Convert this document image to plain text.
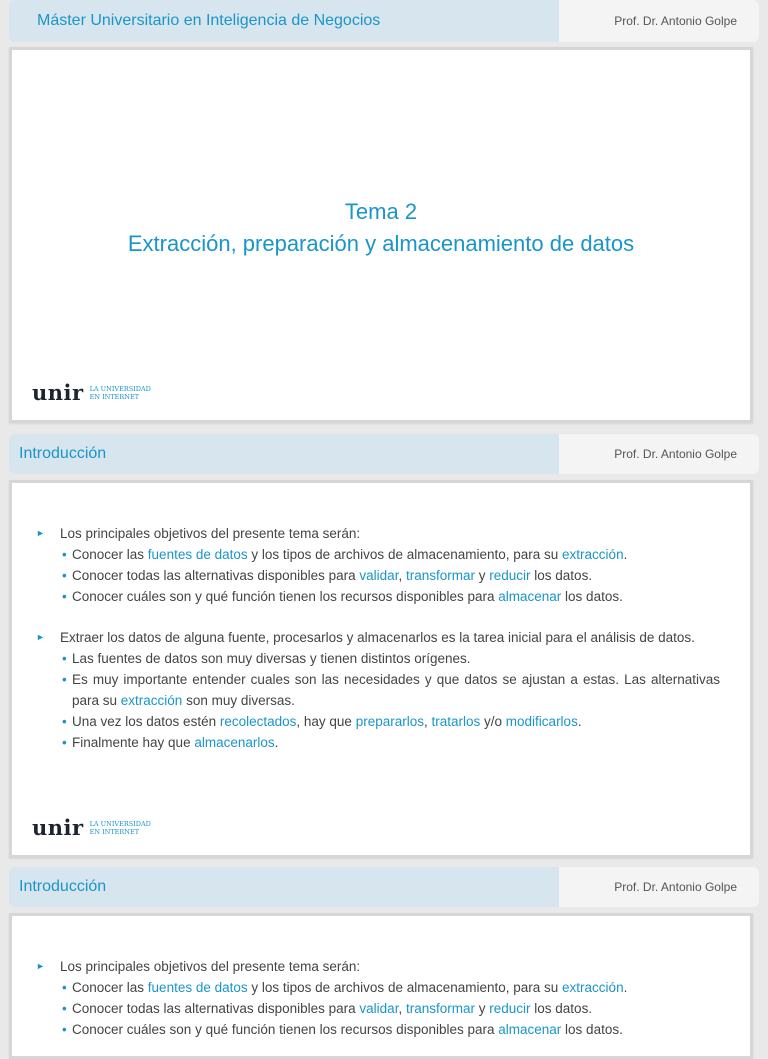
Máster Universitario en Inteligencia de Negocios	Prof. Dr. Antonio Golpe
Tema 2
Extracción, preparación y almacenamiento de datos
unir LA UNIVERSIDAD
EN INTERNET
Introducción	Prof. Dr. Antonio Golpe

► Los principales objetivos del presente tema serán:

• Conocer las fuentes de datos y los tipos de archivos de almacenamiento, para su extracción.

• Conocer todas las alternativas disponibles para validar, transformar y reducir los datos.

• Conocer cuáles son y qué función tienen los recursos disponibles para almacenar los datos.

► Extraer los datos de alguna fuente, procesarlos y almacenarlos es la tarea inicial para el análisis de datos.

• Las fuentes de datos son muy diversas y tienen distintos orígenes.

• Es muy importante entender cuales son las necesidades y que datos se ajustan a estas. Las alternativas para su extracción son muy diversas.

• Una vez los datos estén recolectados, hay que prepararlos, tratarlos y/o modificarlos.

• Finalmente hay que almacenarlos.

unir LA UNIVERSIDAD
EN INTERNET
Introducción	Prof. Dr. Antonio Golpe

► Los principales objetivos del presente tema serán:

• Conocer las fuentes de datos y los tipos de archivos de almacenamiento, para su extracción.

• Conocer todas las alternativas disponibles para validar, transformar y reducir los datos.

• Conocer cuáles son y qué función tienen los recursos disponibles para almacenar los datos.
